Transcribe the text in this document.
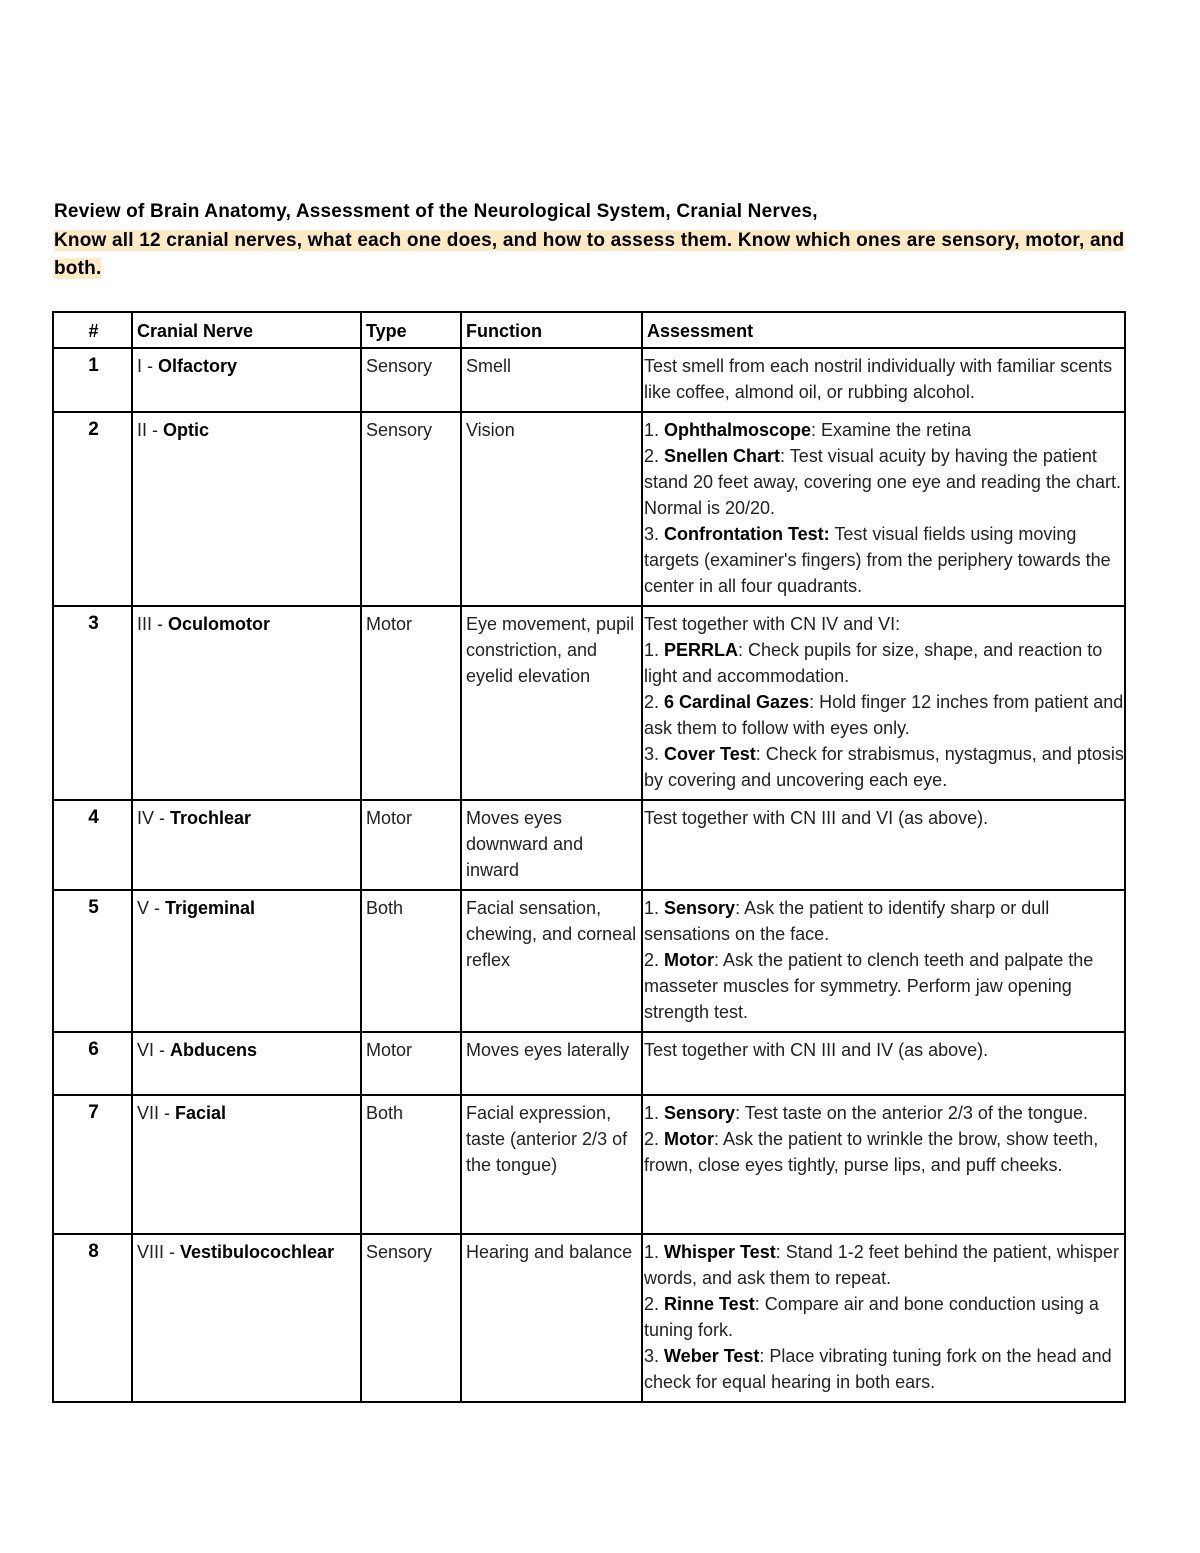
Review of Brain Anatomy, Assessment of the Neurological System, Cranial Nerves,
Know all 12 cranial nerves, what each one does, and how to assess them. Know which ones are sensory, motor, and both.
#	Cranial Nerve	Type	Function	Assessment
1	I - Olfactory	Sensory	Smell	Test smell from each nostril individually with familiar scents like coffee, almond oil, or rubbing alcohol.

2	II - Optic	Sensory	Vision	1. Ophthalmoscope: Examine the retina
2. Snellen Chart: Test visual acuity by having the patient stand 20 feet away, covering one eye and reading the chart. Normal is 20/20.
3. Confrontation Test: Test visual fields using moving targets (examiner's fingers) from the periphery towards the center in all four quadrants.

3	III - Oculomotor	Motor	Eye movement, pupil constriction, and eyelid elevation	Test together with CN IV and VI:
1. PERRLA: Check pupils for size, shape, and reaction to light and accommodation.
2. 6 Cardinal Gazes: Hold finger 12 inches from patient and ask them to follow with eyes only.
3. Cover Test: Check for strabismus, nystagmus, and ptosis by covering and uncovering each eye.

4	IV - Trochlear	Motor	Moves eyes downward and inward	Test together with CN III and VI (as above).

5	V - Trigeminal	Both	Facial sensation, chewing, and corneal reflex	1. Sensory: Ask the patient to identify sharp or dull sensations on the face.
2. Motor: Ask the patient to clench teeth and palpate the masseter muscles for symmetry. Perform jaw opening strength test.

6	VI - Abducens	Motor	Moves eyes laterally	Test together with CN III and IV (as above).

7	VII - Facial	Both	Facial expression, taste (anterior 2/3 of the tongue)	1. Sensory: Test taste on the anterior 2/3 of the tongue.
2. Motor: Ask the patient to wrinkle the brow, show teeth, frown, close eyes tightly, purse lips, and puff cheeks.

8	VIII - Vestibulocochlear	Sensory	Hearing and balance	1. Whisper Test: Stand 1-2 feet behind the patient, whisper words, and ask them to repeat.
2. Rinne Test: Compare air and bone conduction using a tuning fork.
3. Weber Test: Place vibrating tuning fork on the head and check for equal hearing in both ears.
